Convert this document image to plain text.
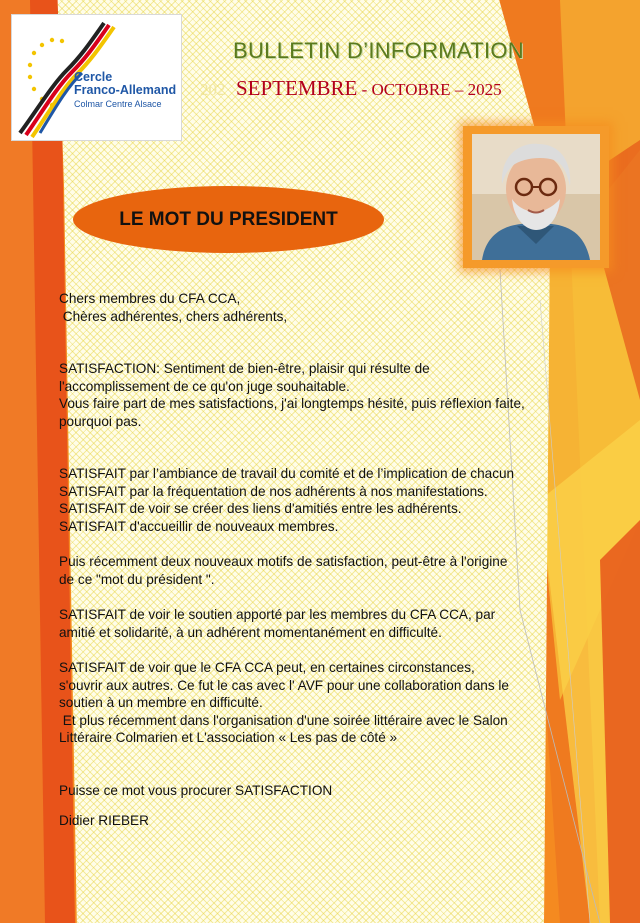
Cercle
Franco-Allemand
Colmar Centre Alsace
BULLETIN D’INFORMATION
202 SEPTEMBRE - OCTOBRE – 2025
LE MOT DU PRESIDENT

Chers membres du CFA CCA,

Chères adhérentes, chers adhérents,

SATISFACTION: Sentiment de bien-être, plaisir qui résulte de

l'accomplissement de ce qu'on juge souhaitable.

Vous faire part de mes satisfactions, j'ai longtemps hésité, puis réflexion faite,

pourquoi pas.

SATISFAIT par l’ambiance de travail du comité et de l’implication de chacun

SATISFAIT par la fréquentation de nos adhérents à nos manifestations.

SATISFAIT de voir se créer des liens d'amitiés entre les adhérents.

SATISFAIT d'accueillir de nouveaux membres.

Puis récemment deux nouveaux motifs de satisfaction, peut-être à l'origine

de ce "mot du président ".

SATISFAIT de voir le soutien apporté par les membres du CFA CCA, par

amitié et solidarité, à un adhérent momentanément en difficulté.

SATISFAIT de voir que le CFA CCA peut, en certaines circonstances,

s'ouvrir aux autres. Ce fut le cas avec l' AVF pour une collaboration dans le

soutien à un membre en difficulté.

Et plus récemment dans l'organisation d'une soirée littéraire avec le Salon

Littéraire Colmarien et L'association « Les pas de côté »

Puisse ce mot vous procurer SATISFACTION

Didier RIEBER
